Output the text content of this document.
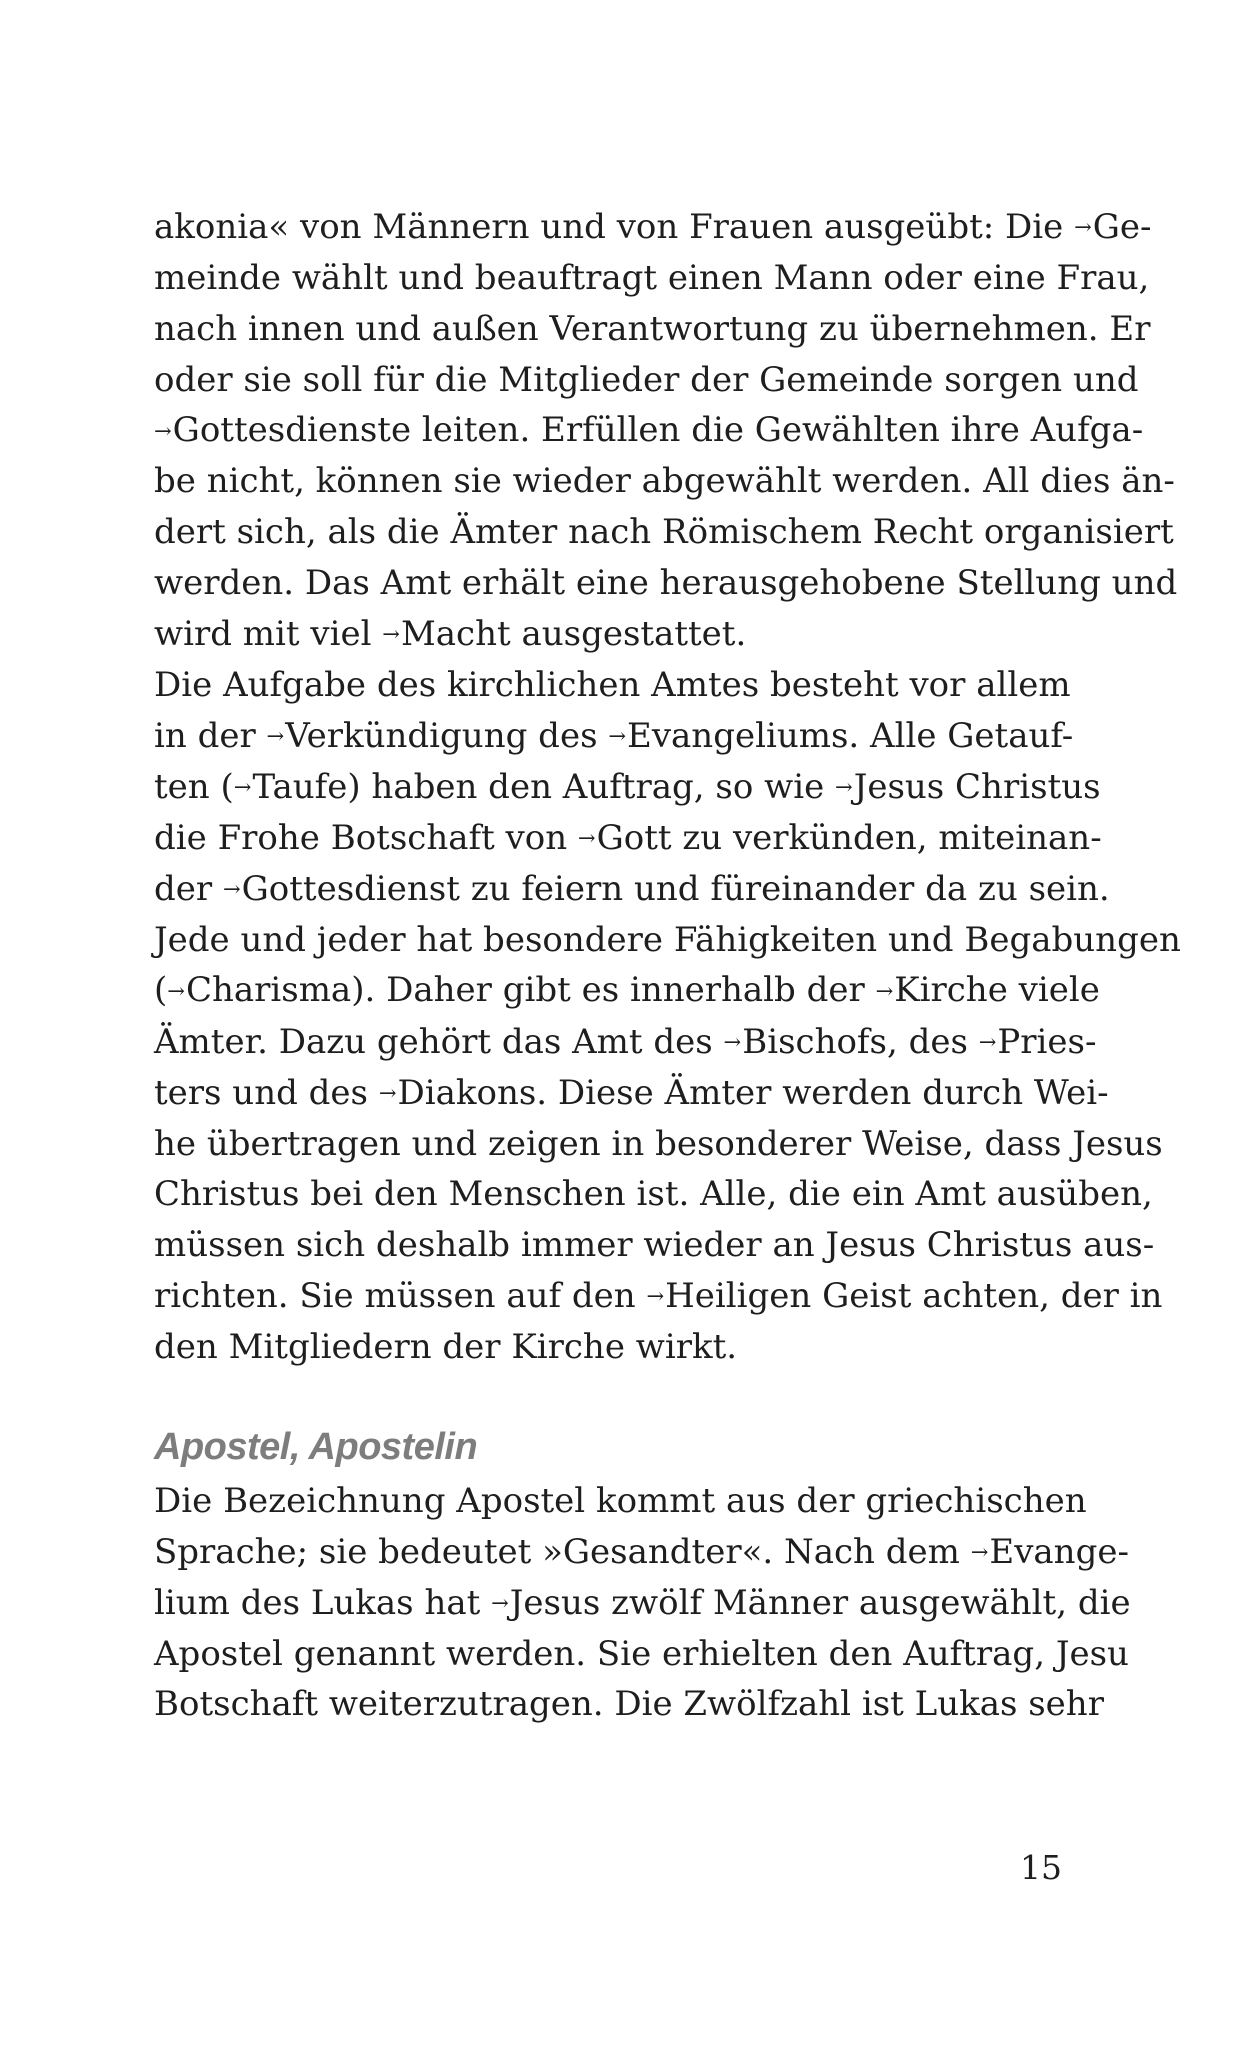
akonia« von Männern und von Frauen ausgeübt: Die →Ge-
meinde wählt und beauftragt einen Mann oder eine Frau,
nach innen und außen Verantwortung zu übernehmen. Er
oder sie soll für die Mitglieder der Gemeinde sorgen und
→Gottesdienste leiten. Erfüllen die Gewählten ihre Aufga-
be nicht, können sie wieder abgewählt werden. All dies än-
dert sich, als die Ämter nach Römischem Recht organisiert
werden. Das Amt erhält eine herausgehobene Stellung und
wird mit viel →Macht ausgestattet.
Die Aufgabe des kirchlichen Amtes besteht vor allem
in der →Verkündigung des →Evangeliums. Alle Getauf-
ten (→Taufe) haben den Auftrag, so wie →Jesus Christus
die Frohe Botschaft von →Gott zu verkünden, miteinan-
der →Gottesdienst zu feiern und füreinander da zu sein.
Jede und jeder hat besondere Fähigkeiten und Begabungen
(→Charisma). Daher gibt es innerhalb der →Kirche viele
Ämter. Dazu gehört das Amt des →Bischofs, des →Pries-
ters und des →Diakons. Diese Ämter werden durch Wei-
he übertragen und zeigen in besonderer Weise, dass Jesus
Christus bei den Menschen ist. Alle, die ein Amt ausüben,
müssen sich deshalb immer wieder an Jesus Christus aus-
richten. Sie müssen auf den →Heiligen Geist achten, der in
den Mitgliedern der Kirche wirkt.
Apostel, Apostelin
Die Bezeichnung Apostel kommt aus der griechischen
Sprache; sie bedeutet »Gesandter«. Nach dem →Evange-
lium des Lukas hat →Jesus zwölf Männer ausgewählt, die
Apostel genannt werden. Sie erhielten den Auftrag, Jesu
Botschaft weiterzutragen. Die Zwölfzahl ist Lukas sehr
15
